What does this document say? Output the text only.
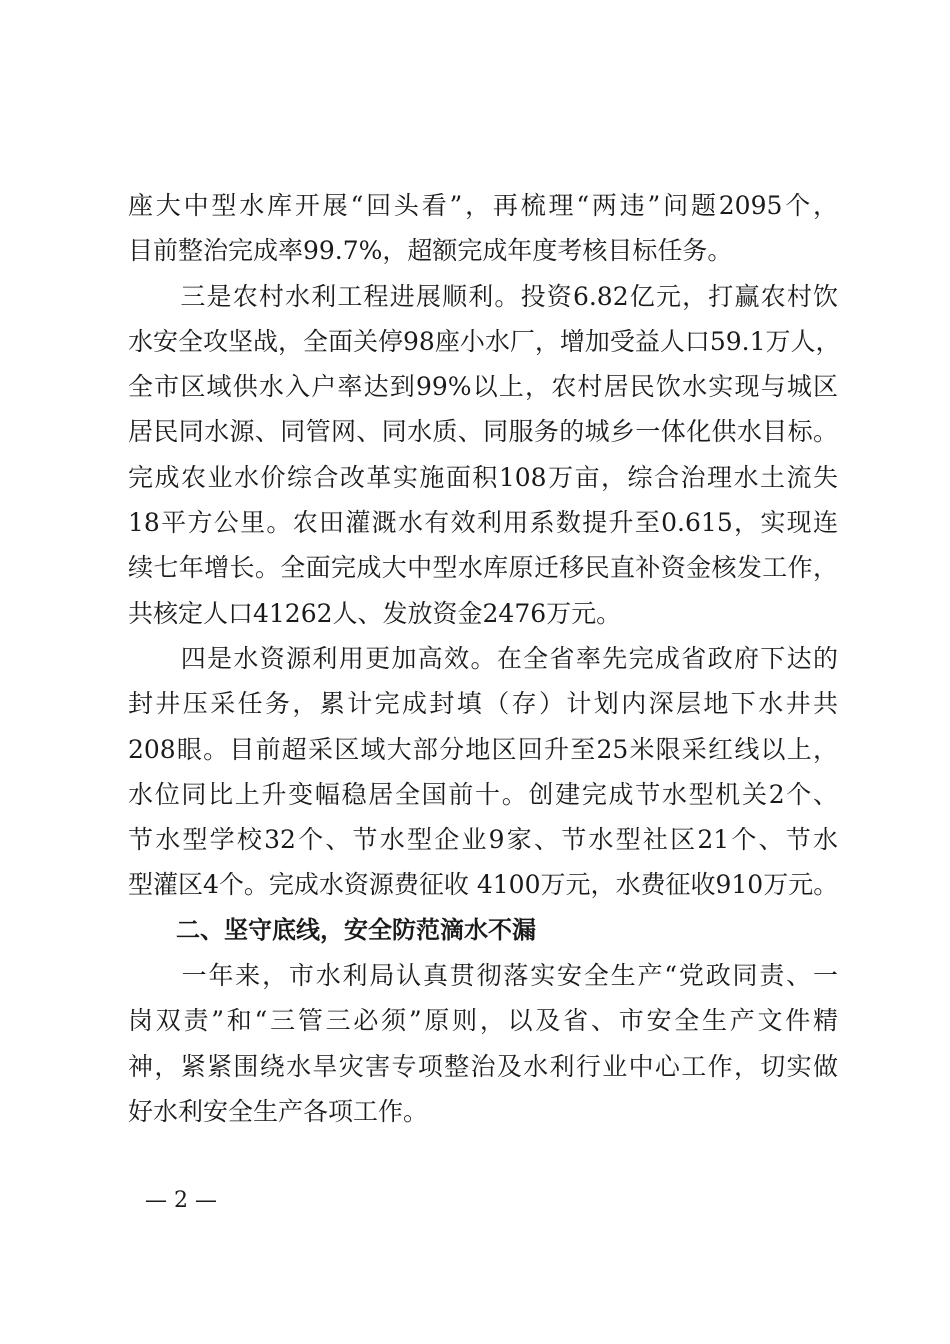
座大中型水库开展“回头看”，再梳理“两违”问题2095个，
目前整治完成率99.7%，超额完成年度考核目标任务。
　　三是农村水利工程进展顺利。投资6.82亿元，打赢农村饮
水安全攻坚战，全面关停98座小水厂，增加受益人口59.1万人，
全市区域供水入户率达到99%以上，农村居民饮水实现与城区
居民同水源、同管网、同水质、同服务的城乡一体化供水目标。
完成农业水价综合改革实施面积108万亩，综合治理水土流失
18平方公里。农田灌溉水有效利用系数提升至0.615，实现连
续七年增长。全面完成大中型水库原迁移民直补资金核发工作，
共核定人口41262人、发放资金2476万元。
　　四是水资源利用更加高效。在全省率先完成省政府下达的
封井压采任务，累计完成封填（存）计划内深层地下水井共
208眼。目前超采区域大部分地区回升至25米限采红线以上，
水位同比上升变幅稳居全国前十。创建完成节水型机关2个、
节水型学校32个、节水型企业9家、节水型社区21个、节水
型灌区4个。完成水资源费征收 4100万元，水费征收910万元。
　　二、坚守底线，安全防范滴水不漏
　　一年来，市水利局认真贯彻落实安全生产“党政同责、一
岗双责”和“三管三必须”原则，以及省、市安全生产文件精
神，紧紧围绕水旱灾害专项整治及水利行业中心工作，切实做
好水利安全生产各项工作。
— 2 —
